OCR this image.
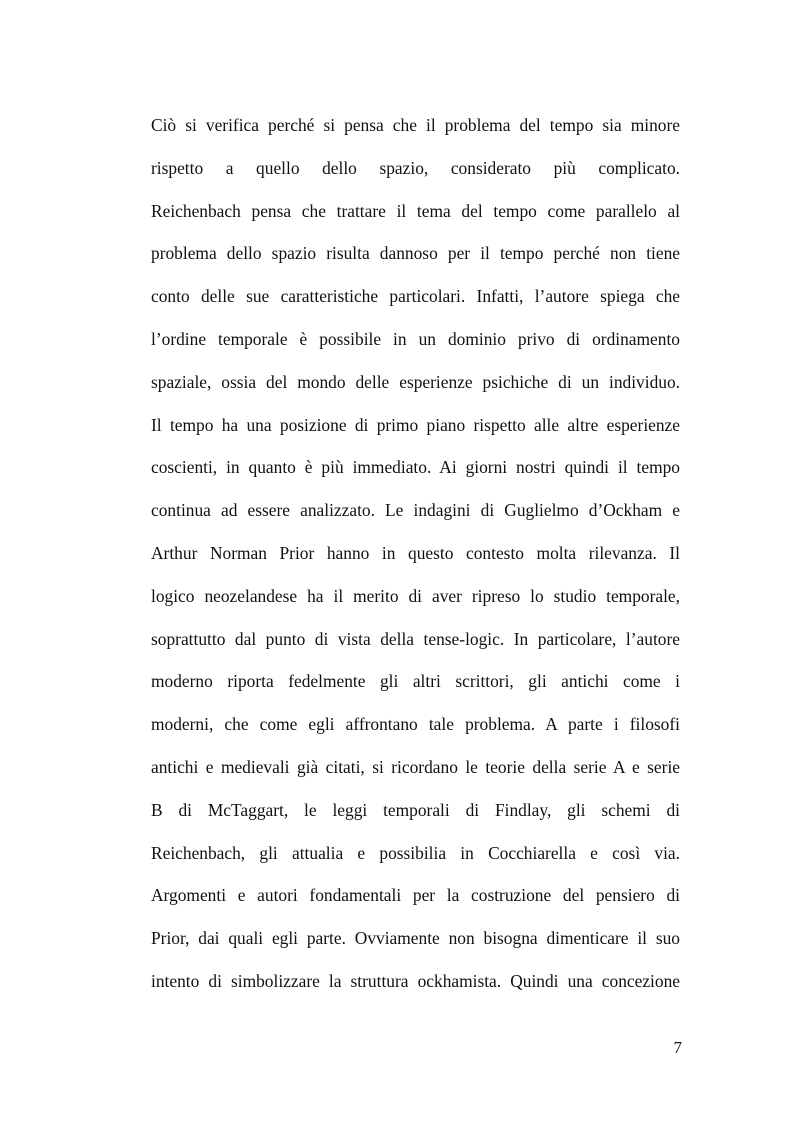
Ciò si verifica perché si pensa che il problema del tempo sia minore
rispetto a quello dello spazio, considerato più complicato.
Reichenbach pensa che trattare il tema del tempo come parallelo al
problema dello spazio risulta dannoso per il tempo perché non tiene
conto delle sue caratteristiche particolari. Infatti, l’autore spiega che
l’ordine temporale è possibile in un dominio privo di ordinamento
spaziale, ossia del mondo delle esperienze psichiche di un individuo.
Il tempo ha una posizione di primo piano rispetto alle altre esperienze
coscienti, in quanto è più immediato. Ai giorni nostri quindi il tempo
continua ad essere analizzato. Le indagini di Guglielmo d’Ockham e
Arthur Norman Prior hanno in questo contesto molta rilevanza. Il
logico neozelandese ha il merito di aver ripreso lo studio temporale,
soprattutto dal punto di vista della tense-logic. In particolare, l’autore
moderno riporta fedelmente gli altri scrittori, gli antichi come i
moderni, che come egli affrontano tale problema. A parte i filosofi
antichi e medievali già citati, si ricordano le teorie della serie A e serie
B di McTaggart, le leggi temporali di Findlay, gli schemi di
Reichenbach, gli attualia e possibilia in Cocchiarella e così via.
Argomenti e autori fondamentali per la costruzione del pensiero di
Prior, dai quali egli parte. Ovviamente non bisogna dimenticare il suo
intento di simbolizzare la struttura ockhamista. Quindi una concezione
7
